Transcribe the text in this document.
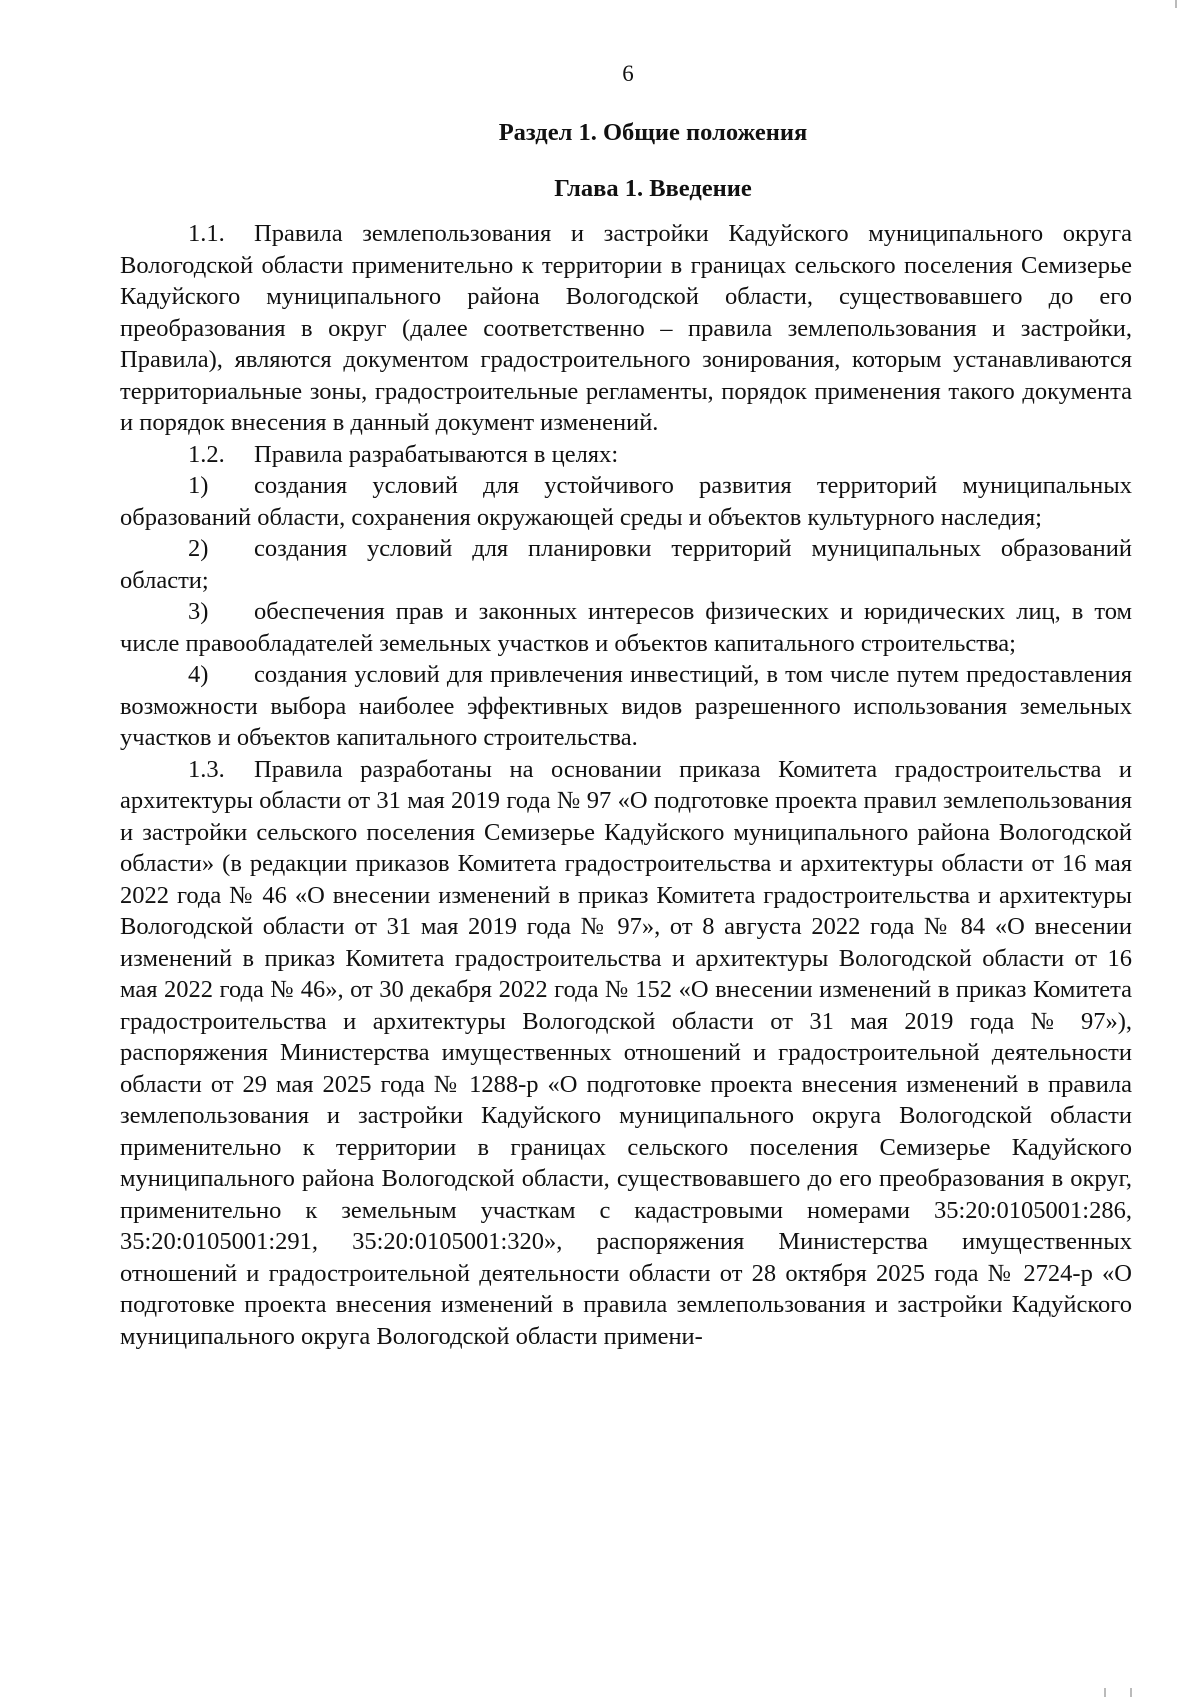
6
Раздел 1. Общие положения
Глава 1. Введение

1.1. Правила землепользования и застройки Кадуйского муниципального округа Вологодской области применительно к территории в границах сельского поселения Семизерье Кадуйского муниципального района Вологодской области, существовавшего до его преобразования в округ (далее соответственно – правила землепользования и застройки, Правила), являются документом градостроительного зонирования, которым устанавливаются территориальные зоны, градостроительные регламенты, порядок применения такого документа и порядок внесения в данный документ изменений.

1.2. Правила разрабатываются в целях:

1) создания условий для устойчивого развития территорий муниципальных образований области, сохранения окружающей среды и объектов культурного наследия;

2) создания условий для планировки территорий муниципальных образований области;

3) обеспечения прав и законных интересов физических и юридических лиц, в том числе правообладателей земельных участков и объектов капитального строительства;

4) создания условий для привлечения инвестиций, в том числе путем предоставления возможности выбора наиболее эффективных видов разрешенного использования земельных участков и объектов капитального строительства.

1.3. Правила разработаны на основании приказа Комитета градостроительства и архитектуры области от 31 мая 2019 года № 97 «О подготовке проекта правил землепользования и застройки сельского поселения Семизерье Кадуйского муниципального района Вологодской области» (в редакции приказов Комитета градостроительства и архитектуры области от 16 мая 2022 года № 46 «О внесении изменений в приказ Комитета градостроительства и архитектуры Вологодской области от 31 мая 2019 года № 97», от 8 августа 2022 года № 84 «О внесении изменений в приказ Комитета градостроительства и архитектуры Вологодской области от 16 мая 2022 года № 46», от 30 декабря 2022 года № 152 «О внесении изменений в приказ Комитета градостроительства и архитектуры Вологодской области от 31 мая 2019 года № 97»), распоряжения Министерства имущественных отношений и градостроительной деятельности области от 29 мая 2025 года № 1288-р «О подготовке проекта внесения изменений в правила землепользования и застройки Кадуйского муниципального округа Вологодской области применительно к территории в границах сельского поселения Семизерье Кадуйского муниципального района Вологодской области, существовавшего до его преобразования в округ, применительно к земельным участкам с кадастровыми номерами 35:20:0105001:286, 35:20:0105001:291, 35:20:0105001:320», распоряжения Министерства имущественных отношений и градостроительной деятельности области от 28 октября 2025 года № 2724-р «О подготовке проекта внесения изменений в правила землепользования и застройки Кадуйского муниципального округа Вологодской области примени-
